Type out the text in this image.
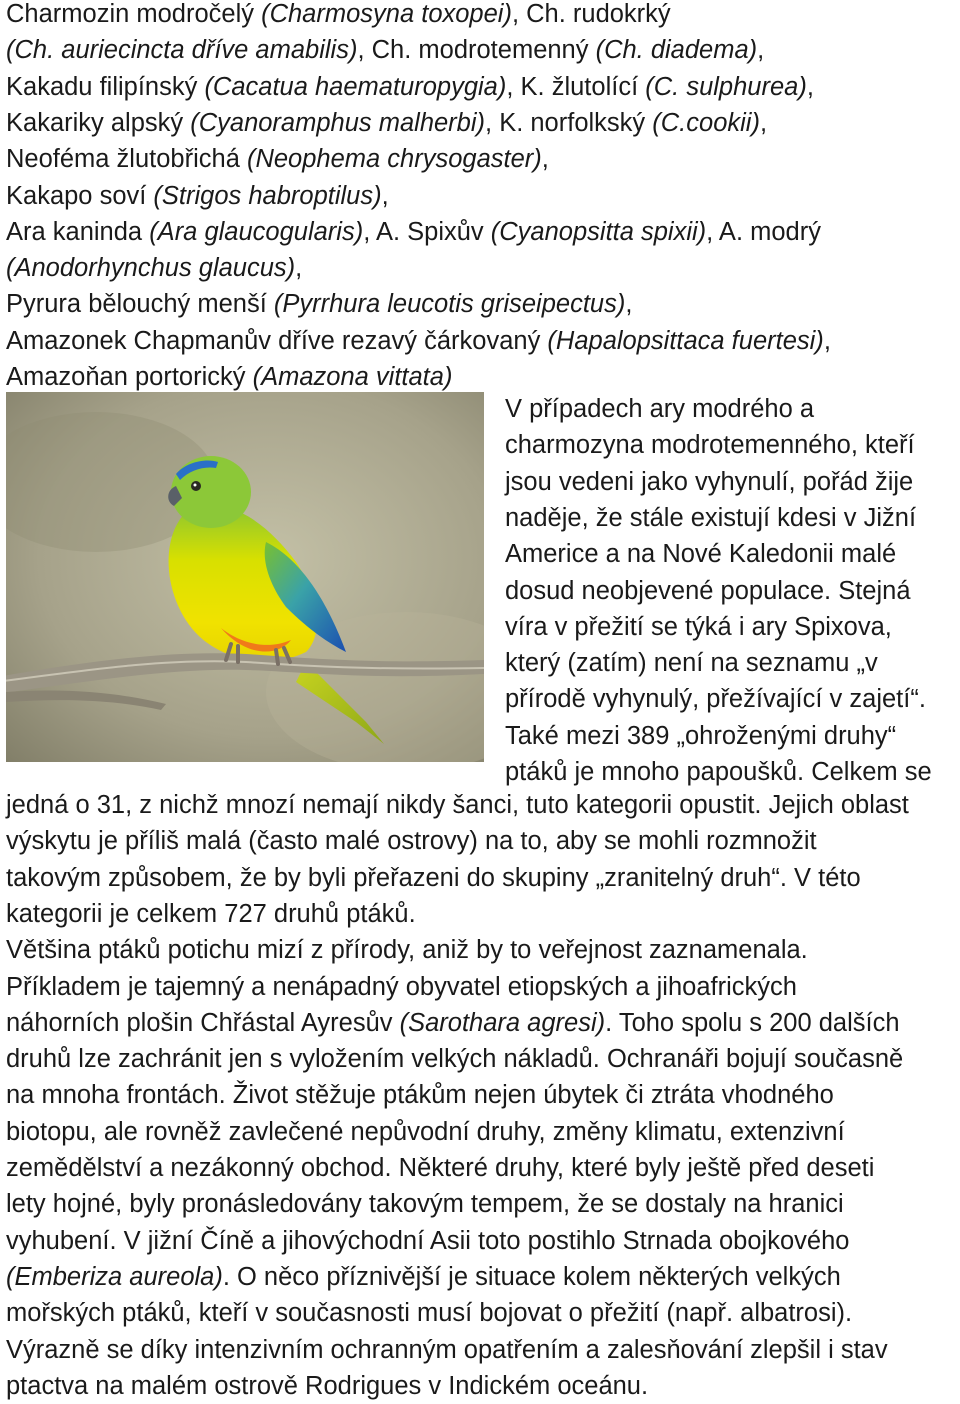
Charmozin modročelý (Charmosyna toxopei), Ch. rudokrký
(Ch. auriecincta dříve amabilis), Ch. modrotemenný (Ch. diadema),
Kakadu filipínský (Cacatua haematuropygia), K. žlutolící (C. sulphurea),
Kakariky alpský (Cyanoramphus malherbi), K. norfolkský (C.cookii),
Neoféma žlutobřichá (Neophema chrysogaster),
Kakapo soví (Strigos habroptilus),
Ara kaninda (Ara glaucogularis), A. Spixův (Cyanopsitta spixii), A. modrý
(Anodorhynchus glaucus),
Pyrura bělouchý menší (Pyrrhura leucotis griseipectus),
Amazonek Chapmanův dříve rezavý čárkovaný (Hapalopsittaca fuertesi),
Amazoňan portorický (Amazona vittata)
V případech ary modrého a
charmozyna modrotemenného, kteří
jsou vedeni jako vyhynulí, pořád žije
naděje, že stále existují kdesi v Jižní
Americe a na Nové Kaledonii malé
dosud neobjevené populace. Stejná
víra v přežití se týká i ary Spixova,
který (zatím) není na seznamu „v
přírodě vyhynulý, přežívající v zajetí“.
Také mezi 389 „ohroženými druhy“
ptáků je mnoho papoušků. Celkem se
jedná o 31, z nichž mnozí nemají nikdy šanci, tuto kategorii opustit. Jejich oblast
výskytu je příliš malá (často malé ostrovy) na to, aby se mohli rozmnožit
takovým způsobem, že by byli přeřazeni do skupiny „zranitelný druh“. V této
kategorii je celkem 727 druhů ptáků.
Většina ptáků potichu mizí z přírody, aniž by to veřejnost zaznamenala.
Příkladem je tajemný a nenápadný obyvatel etiopských a jihoafrických
náhorních plošin Chřástal Ayresův (Sarothara agresi). Toho spolu s 200 dalších
druhů lze zachránit jen s vyložením velkých nákladů. Ochranáři bojují současně
na mnoha frontách. Život stěžuje ptákům nejen úbytek či ztráta vhodného
biotopu, ale rovněž zavlečené nepůvodní druhy, změny klimatu, extenzivní
zemědělství a nezákonný obchod. Některé druhy, které byly ještě před deseti
lety hojné, byly pronásledovány takovým tempem, že se dostaly na hranici
vyhubení. V jižní Číně a jihovýchodní Asii toto postihlo Strnada obojkového
(Emberiza aureola). O něco příznivější je situace kolem některých velkých
mořských ptáků, kteří v současnosti musí bojovat o přežití (např. albatrosi).
Výrazně se díky intenzivním ochranným opatřením a zalesňování zlepšil i stav
ptactva na malém ostrově Rodrigues v Indickém oceánu.
